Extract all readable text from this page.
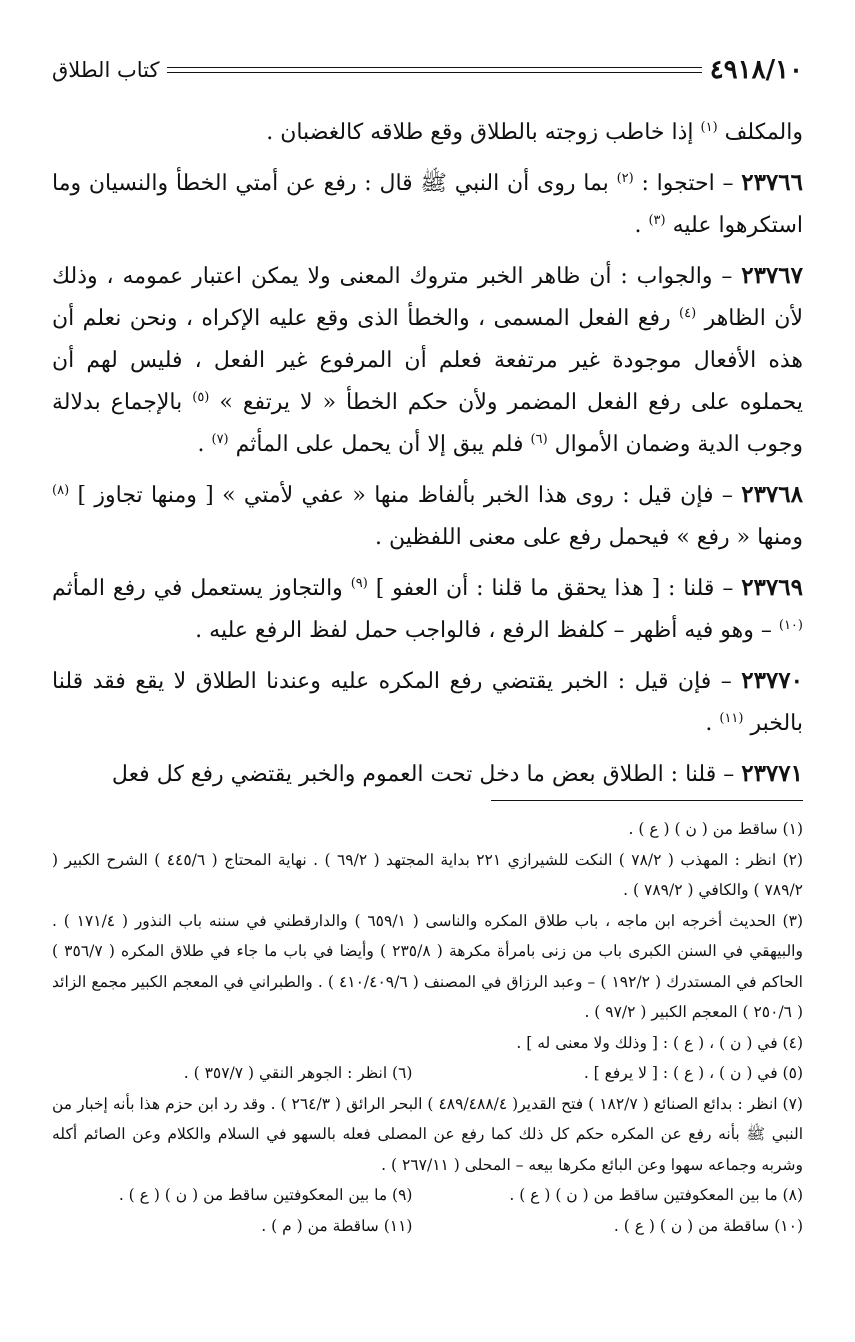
٤٩١٨/١٠
كتاب الطلاق

والمكلف $^{(١)}$ إذا خاطب زوجته بالطلاق وقع طلاقه كالغضبان .

٢٣٧٦٦ – احتجوا : $^{(٢)}$ بما روى أن النبي ﷺ قال : رفع عن أمتي الخطأ والنسيان وما استكرهوا عليه $^{(٣)}$ .

٢٣٧٦٧ – والجواب : أن ظاهر الخبر متروك المعنى ولا يمكن اعتبار عمومه ، وذلك لأن الظاهر $^{(٤)}$ رفع الفعل المسمى ، والخطأ الذى وقع عليه الإكراه ، ونحن نعلم أن هذه الأفعال موجودة غير مرتفعة فعلم أن المرفوع غير الفعل ، فليس لهم أن يحملوه على رفع الفعل المضمر ولأن حكم الخطأ « لا يرتفع » $^{(٥)}$ بالإجماع بدلالة وجوب الدية وضمان الأموال $^{(٦)}$ فلم يبق إلا أن يحمل على المأثم $^{(٧)}$ .

٢٣٧٦٨ – فإن قيل : روى هذا الخبر بألفاظ منها « عفي لأمتي » [ ومنها تجاوز ] $^{(٨)}$ ومنها « رفع » فيحمل رفع على معنى اللفظين .

٢٣٧٦٩ – قلنا : [ هذا يحقق ما قلنا : أن العفو ] $^{(٩)}$ والتجاوز يستعمل في رفع المأثم $^{(١٠)}$ – وهو فيه أظهر – كلفظ الرفع ، فالواجب حمل لفظ الرفع عليه .

٢٣٧٧٠ – فإن قيل : الخبر يقتضي رفع المكره عليه وعندنا الطلاق لا يقع فقد قلنا بالخبر $^{(١١)}$ .

٢٣٧٧١ – قلنا : الطلاق بعض ما دخل تحت العموم والخبر يقتضي رفع كل فعل

(١) ساقط من ( ن ) ( ع ) .

(٢) انظر : المهذب ( ٧٨/٢ ) النكت للشيرازي ٢٢١ بداية المجتهد ( ٦٩/٢ ) . نهاية المحتاج ( ٤٤٥/٦ ) الشرح الكبير ( ٧٨٩/٢ ) والكافي ( ٧٨٩/٢ ) .

(٣) الحديث أخرجه ابن ماجه ، باب طلاق المكره والناسى ( ٦٥٩/١ ) والدارقطني في سننه باب النذور ( ١٧١/٤ ) . والبيهقي في السنن الكبرى باب من زنى بامرأة مكرهة ( ٢٣٥/٨ ) وأيضا في باب ما جاء في طلاق المكره ( ٣٥٦/٧ ) الحاكم في المستدرك ( ١٩٢/٢ ) – وعبد الرزاق في المصنف ( ٤١٠/٤٠٩/٦ ) . والطبراني في المعجم الكبير مجمع الزائد ( ٢٥٠/٦ ) المعجم الكبير ( ٩٧/٢ ) .

(٤) في ( ن ) ، ( ع ) : [ وذلك ولا معنى له ] .

(٥) في ( ن ) ، ( ع ) : [ لا يرفع ] .
(٦) انظر : الجوهر النقي ( ٣٥٧/٧ ) .

(٧) انظر : بدائع الصنائع ( ١٨٢/٧ ) فتح القدير( ٤٨٩/٤٨٨/٤ ) البحر الرائق ( ٢٦٤/٣ ) . وقد رد ابن حزم هذا بأنه إخبار من النبي ﷺ بأنه رفع عن المكره حكم كل ذلك كما رفع عن المصلى فعله بالسهو في السلام والكلام وعن الصائم أكله وشربه وجماعه سهوا وعن البائع مكرها بيعه – المحلى ( ٢٦٧/١١ ) .

(٨) ما بين المعكوفتين ساقط من ( ن ) ( ع ) .
(٩) ما بين المعكوفتين ساقط من ( ن ) ( ع ) .
(١٠) ساقطة من ( ن ) ( ع ) .
(١١) ساقطة من ( م ) .
